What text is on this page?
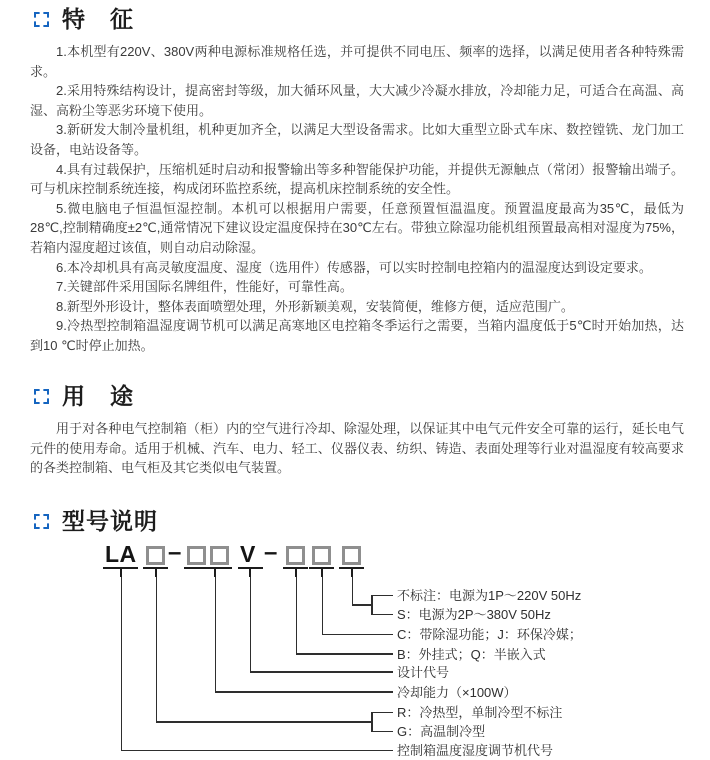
特　征

1.本机型有220V、380V两种电源标准规格任选，并可提供不同电压、频率的选择，以满足使用者各种特殊需求。

2.采用特殊结构设计，提高密封等级，加大循环风量，大大减少冷凝水排放，冷却能力足，可适合在高温、高湿、高粉尘等恶劣环境下使用。

3.新研发大制冷量机组，机种更加齐全，以满足大型设备需求。比如大重型立卧式车床、数控镗铣、龙门加工设备，电站设备等。

4.具有过载保护，压缩机延时启动和报警输出等多种智能保护功能，并提供无源触点（常闭）报警输出端子。可与机床控制系统连接，构成闭环监控系统，提高机床控制系统的安全性。

5.微电脑电子恒温恒湿控制。本机可以根据用户需要，任意预置恒温温度。预置温度最高为35℃，最低为28℃,控制精确度±2℃,通常情况下建议设定温度保持在30℃左右。带独立除湿功能机组预置最高相对湿度为75%，若箱内湿度超过该值，则自动启动除湿。

6.本冷却机具有高灵敏度温度、湿度（选用件）传感器，可以实时控制电控箱内的温湿度达到设定要求。

7.关键部件采用国际名牌组件，性能好，可靠性高。

8.新型外形设计，整体表面喷塑处理，外形新颖美观，安装简便，维修方便，适应范围广。

9.冷热型控制箱温湿度调节机可以满足高寒地区电控箱冬季运行之需要，当箱内温度低于5℃时开始加热，达到10 ℃时停止加热。

用　途

用于对各种电气控制箱（柜）内的空气进行冷却、除湿处理，以保证其中电气元件安全可靠的运行，延长电气元件的使用寿命。适用于机械、汽车、电力、轻工、仪器仪表、纺织、铸造、表面处理等行业对温湿度有较高要求的各类控制箱、电气柜及其它类似电气装置。

型号说明
LA –	V –
不标注：电源为1P～220V 50Hz
S：电源为2P～380V 50Hz
C：带除湿功能；J：环保冷媒；
B：外挂式；Q：半嵌入式
设计代号
冷却能力（×100W）
R：冷热型，单制冷型不标注
G：高温制冷型
控制箱温度湿度调节机代号
